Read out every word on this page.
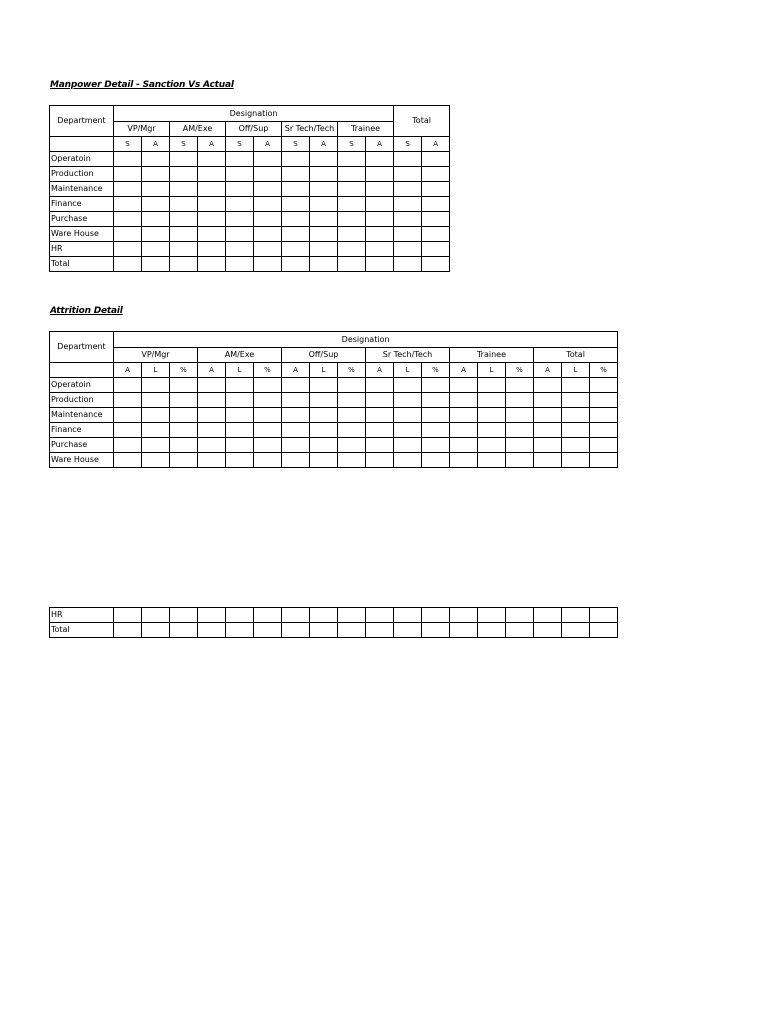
Manpower Detail - Sanction Vs Actual
Department	Designation										Total	
	VP/Mgr		AM/Exe		Off/Sup		Sr Tech/Tech		Trainee			
	S	A	S	A	S	A	S	A	S	A	S	A
Operatoin												
Production												
Maintenance												
Finance												
Purchase												
Ware House												
HR												
Total												
Attrition Detail
Department	Designation																	
	VP/Mgr			AM/Exe			Off/Sup			Sr Tech/Tech			Trainee			Total		
	A	L	%	A	L	%	A	L	%	A	L	%	A	L	%	A	L	%
Operatoin																		
Production																		
Maintenance																		
Finance																		
Purchase																		
Ware House																		
HR																		
Total																		
